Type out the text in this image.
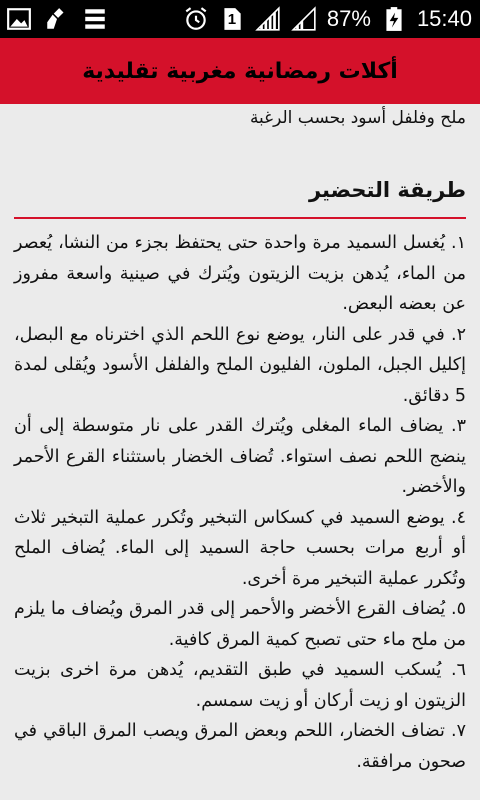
1	87% 15:40
أكلات رمضانية مغربية تقليدية
ملح وفلفل أسود بحسب الرغبة
طريقة التحضير
١. يُغسل السميد مرة واحدة حتى يحتفظ بجزء من النشا، يُعصر من الماء، يُدهن بزيت الزيتون ويُترك في صينية واسعة مفروز عن بعضه البعض.
٢. في قدر على النار، يوضع نوع اللحم الذي اخترناه مع البصل، إكليل الجبل، الملون، الفليون الملح والفلفل الأسود ويُقلى لمدة 5 دقائق.
٣. يضاف الماء المغلى ويُترك القدر على نار متوسطة إلى أن ينضج اللحم نصف استواء. تُضاف الخضار باستثناء القرع الأحمر والأخضر.
٤. يوضع السميد في كسكاس التبخير وتُكرر عملية التبخير ثلاث أو أربع مرات بحسب حاجة السميد إلى الماء. يُضاف الملح وتُكرر عملية التبخير مرة أخرى.
٥. يُضاف القرع الأخضر والأحمر إلى قدر المرق ويُضاف ما يلزم من ملح ماء حتى تصبح كمية المرق كافية.
٦. يُسكب السميد في طبق التقديم، يُدهن مرة اخرى بزيت الزيتون او زيت أركان أو زيت سمسم.
٧. تضاف الخضار، اللحم وبعض المرق ويصب المرق الباقي في صحون مرافقة.
